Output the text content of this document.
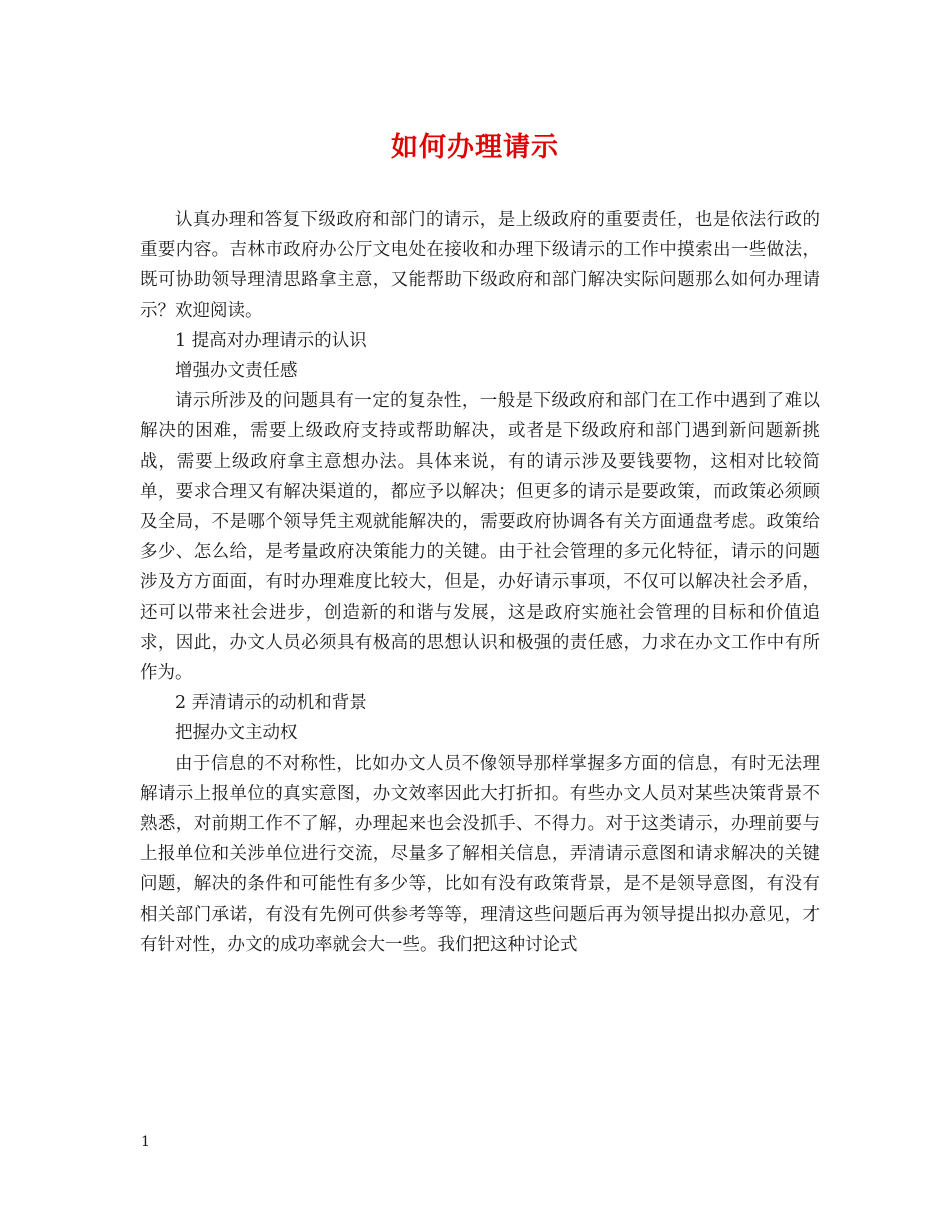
如何办理请示

认真办理和答复下级政府和部门的请示，是上级政府的重要责任，也是依法行政的重要内容。吉林市政府办公厅文电处在接收和办理下级请示的工作中摸索出一些做法，既可协助领导理清思路拿主意，又能帮助下级政府和部门解决实际问题那么如何办理请示？欢迎阅读。

1 提高对办理请示的认识

增强办文责任感

请示所涉及的问题具有一定的复杂性，一般是下级政府和部门在工作中遇到了难以解决的困难，需要上级政府支持或帮助解决，或者是下级政府和部门遇到新问题新挑战，需要上级政府拿主意想办法。具体来说，有的请示涉及要钱要物，这相对比较简单，要求合理又有解决渠道的，都应予以解决；但更多的请示是要政策，而政策必须顾及全局，不是哪个领导凭主观就能解决的，需要政府协调各有关方面通盘考虑。政策给多少、怎么给，是考量政府决策能力的关键。由于社会管理的多元化特征，请示的问题涉及方方面面，有时办理难度比较大，但是，办好请示事项，不仅可以解决社会矛盾，还可以带来社会进步，创造新的和谐与发展，这是政府实施社会管理的目标和价值追求，因此，办文人员必须具有极高的思想认识和极强的责任感，力求在办文工作中有所作为。

2 弄清请示的动机和背景

把握办文主动权

由于信息的不对称性，比如办文人员不像领导那样掌握多方面的信息，有时无法理解请示上报单位的真实意图，办文效率因此大打折扣。有些办文人员对某些决策背景不熟悉，对前期工作不了解，办理起来也会没抓手、不得力。对于这类请示，办理前要与上报单位和关涉单位进行交流，尽量多了解相关信息，弄清请示意图和请求解决的关键问题，解决的条件和可能性有多少等，比如有没有政策背景，是不是领导意图，有没有相关部门承诺，有没有先例可供参考等等，理清这些问题后再为领导提出拟办意见，才有针对性，办文的成功率就会大一些。我们把这种讨论式

1
